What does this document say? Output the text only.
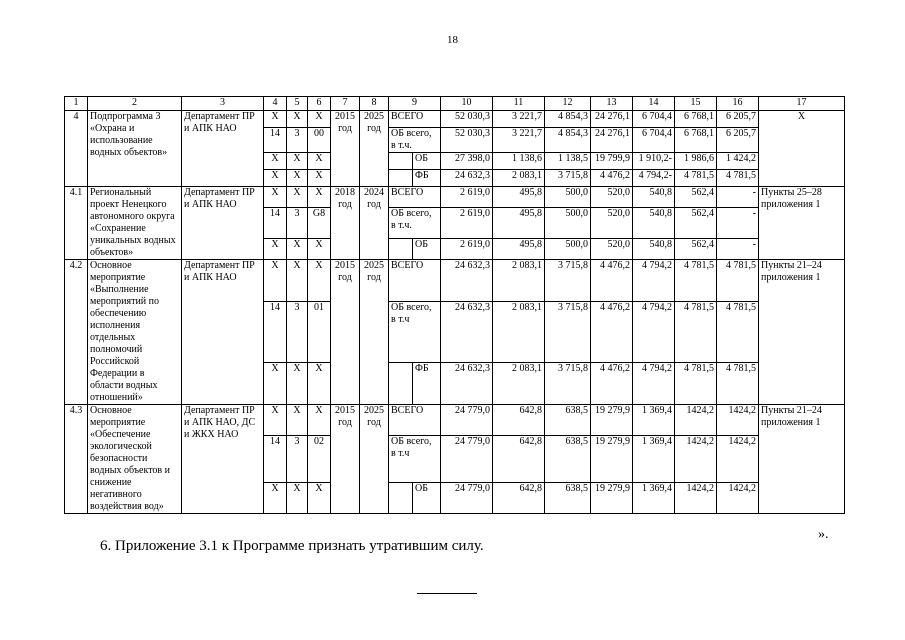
18
1	2	3	4	5	6	7	8	9		10	11	12	13	14	15	16	17
4	Подпрограмма 3 «Охрана и использование водных объектов»	Департамент ПР и АПК НАО	Х	Х	Х	2015 год	2025 год	ВСЕГО		52 030,3	3 221,7	4 854,3	24 276,1	6 704,4	6 768,1	6 205,7	Х
			14	3	00			ОБ всего, в т.ч.		52 030,3	3 221,7	4 854,3	24 276,1	6 704,4	6 768,1	6 205,7	
			Х	Х	Х				ОБ	27 398,0	1 138,6	1 138,5	19 799,9	1 910,2-	1 986,6	1 424,2	
			Х	Х	Х				ФБ	24 632,3	2 083,1	3 715,8	4 476,2	4 794,2-	4 781,5	4 781,5	
4.1	Региональный проект Ненецкого автономного округа «Сохранение уникальных водных объектов»	Департамент ПР и АПК НАО	Х	Х	Х	2018 год	2024 год	ВСЕГО		2 619,0	495,8	500,0	520,0	540,8	562,4	-	Пункты 25–28 приложения 1
			14	3	G8			ОБ всего, в т.ч.		2 619,0	495,8	500,0	520,0	540,8	562,4	-	
			Х	Х	Х				ОБ	2 619,0	495,8	500,0	520,0	540,8	562,4	-	
4.2	Основное мероприятие «Выполнение мероприятий по обеспечению исполнения отдельных полномочий Российской Федерации в области водных отношений»	Департамент ПР и АПК НАО	Х	Х	Х	2015 год	2025 год	ВСЕГО		24 632,3	2 083,1	3 715,8	4 476,2	4 794,2	4 781,5	4 781,5	Пункты 21–24 приложения 1
			14	3	01			ОБ всего, в т.ч		24 632,3	2 083,1	3 715,8	4 476,2	4 794,2	4 781,5	4 781,5	
			Х	Х	Х				ФБ	24 632,3	2 083,1	3 715,8	4 476,2	4 794,2	4 781,5	4 781,5	
4.3	Основное мероприятие «Обеспечение экологической безопасности водных объектов и снижение негативного воздействия вод»	Департамент ПР и АПК НАО, ДС и ЖКХ НАО	Х	Х	Х	2015 год	2025 год	ВСЕГО		24 779,0	642,8	638,5	19 279,9	1 369,4	1424,2	1424,2	Пункты 21–24 приложения 1
			14	3	02			ОБ всего, в т.ч		24 779,0	642,8	638,5	19 279,9	1 369,4	1424,2	1424,2	
			Х	Х	Х				ОБ	24 779,0	642,8	638,5	19 279,9	1 369,4	1424,2	1424,2	
».
6. Приложение 3.1 к Программе признать утратившим силу.
